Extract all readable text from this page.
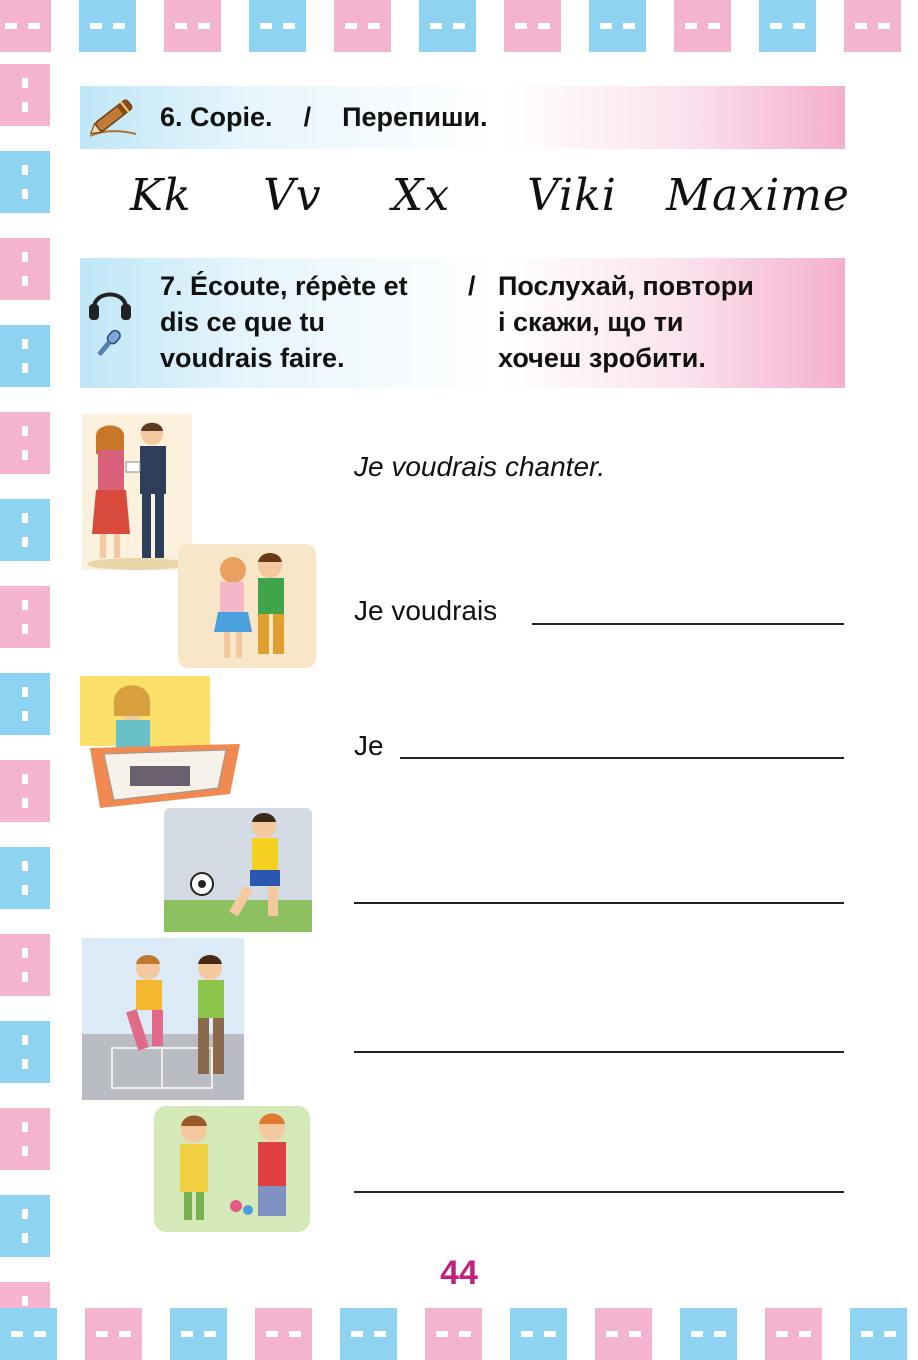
6. Copie. / Перепиши.
Kk Vv Xx Viki Maxime
7. Écoute, répète et
dis ce que tu
voudrais faire.
/ Послухай, повтори
і скажи, що ти
хочеш зробити.
Je voudrais chanter.
Je voudrais
Je
44
